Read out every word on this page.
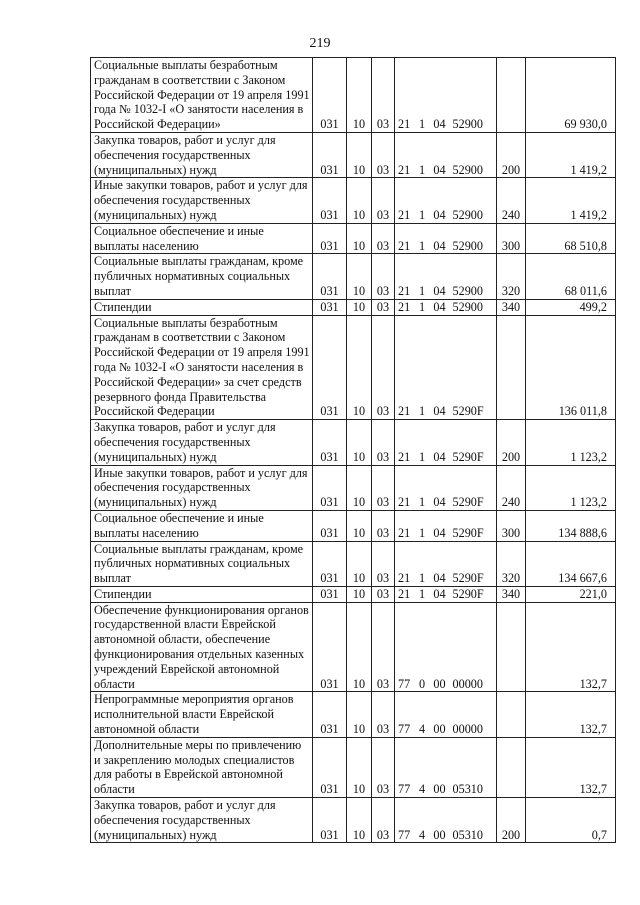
219
Социальные выплаты безработным гражданам в соответствии с Законом Российской Федерации от 19 апреля 1991 года № 1032-I «О занятости населения в Российской Федерации»	031	10	03	21	1	04	52900		69 930,0
Закупка товаров, работ и услуг для обеспечения государственных (муниципальных) нужд	031	10	03	21	1	04	52900	200	1 419,2
Иные закупки товаров, работ и услуг для обеспечения государственных (муниципальных) нужд	031	10	03	21	1	04	52900	240	1 419,2
Социальное обеспечение и иные выплаты населению	031	10	03	21	1	04	52900	300	68 510,8
Социальные выплаты гражданам, кроме публичных нормативных социальных выплат	031	10	03	21	1	04	52900	320	68 011,6
Стипендии	031	10	03	21	1	04	52900	340	499,2
Социальные выплаты безработным гражданам в соответствии с Законом Российской Федерации от 19 апреля 1991 года № 1032-I «О занятости населения в Российской Федерации» за счет средств резервного фонда Правительства Российской Федерации	031	10	03	21	1	04	5290F		136 011,8
Закупка товаров, работ и услуг для обеспечения государственных (муниципальных) нужд	031	10	03	21	1	04	5290F	200	1 123,2
Иные закупки товаров, работ и услуг для обеспечения государственных (муниципальных) нужд	031	10	03	21	1	04	5290F	240	1 123,2
Социальное обеспечение и иные выплаты населению	031	10	03	21	1	04	5290F	300	134 888,6
Социальные выплаты гражданам, кроме публичных нормативных социальных выплат	031	10	03	21	1	04	5290F	320	134 667,6
Стипендии	031	10	03	21	1	04	5290F	340	221,0
Обеспечение функционирования органов государственной власти Еврейской автономной области, обеспечение функционирования отдельных казенных учреждений Еврейской автономной области	031	10	03	77	0	00	00000		132,7
Непрограммные мероприятия органов исполнительной власти Еврейской автономной области	031	10	03	77	4	00	00000		132,7
Дополнительные меры по привлечению и закреплению молодых специалистов для работы в Еврейской автономной области	031	10	03	77	4	00	05310		132,7
Закупка товаров, работ и услуг для обеспечения государственных (муниципальных) нужд	031	10	03	77	4	00	05310	200	0,7
